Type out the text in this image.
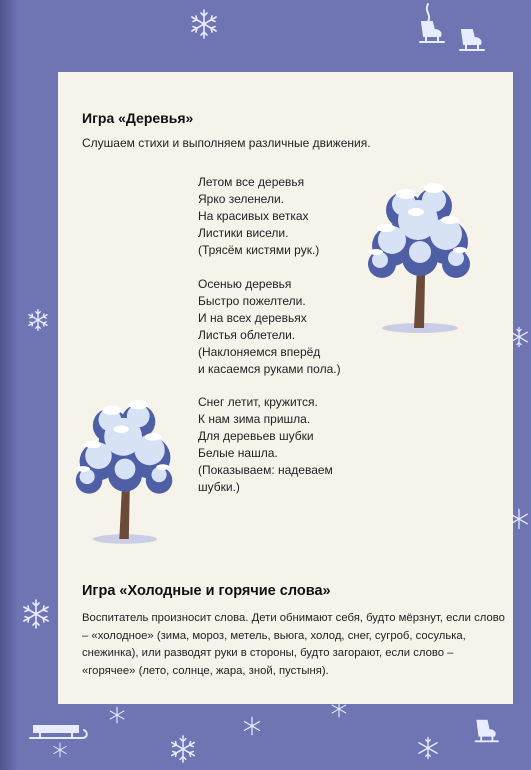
Игра «Деревья»

Слушаем стихи и выполняем различные движения.

Летом все деревья
Ярко зеленели.
На красивых ветках
Листики висели.
(Трясём кистями рук.)
Осенью деревья
Быстро пожелтели.
И на всех деревьях
Листья облетели.
(Наклоняемся вперёд
и касаемся руками пола.)
Снег летит, кружится.
К нам зима пришла.
Для деревьев шубки
Белые нашла.
(Показываем: надеваем
шубки.)
Игра «Холодные и горячие слова»

Воспитатель произносит слова. Дети обнимают себя, будто мёрзнут, если слово – «холодное» (зима, мороз, метель, вьюга, холод, снег, сугроб, сосулька, снежинка), или разводят руки в стороны, будто загорают, если слово – «горячее» (лето, солнце, жара, зной, пустыня).
